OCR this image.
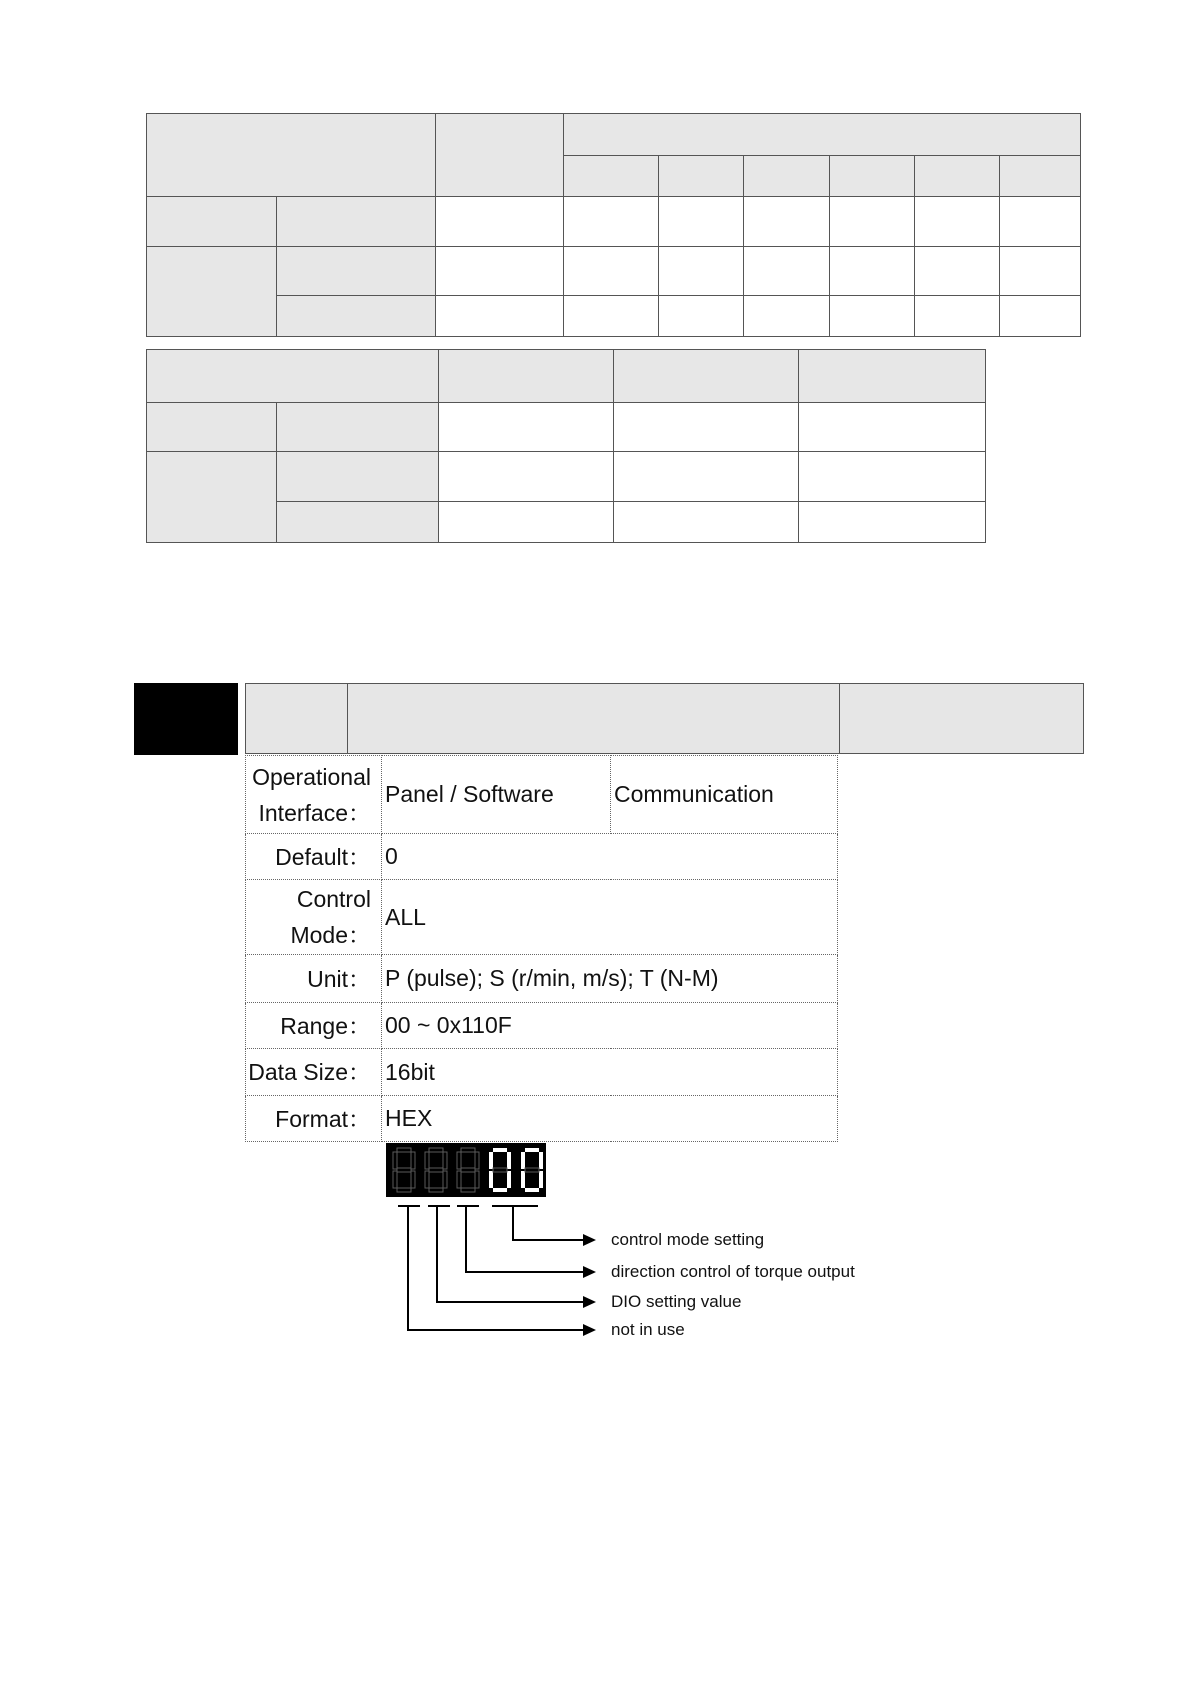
Operational
Interface：	Panel / Software	Communication
Default：	0	
Control
Mode：	ALL	
Unit：	P (pulse); S (r/min, m/s); T (N-M)	
Range：	00 ~ 0x110F	
Data Size：	16bit	
Format：	HEX	
control mode setting
direction control of torque output
DIO setting value
not in use
